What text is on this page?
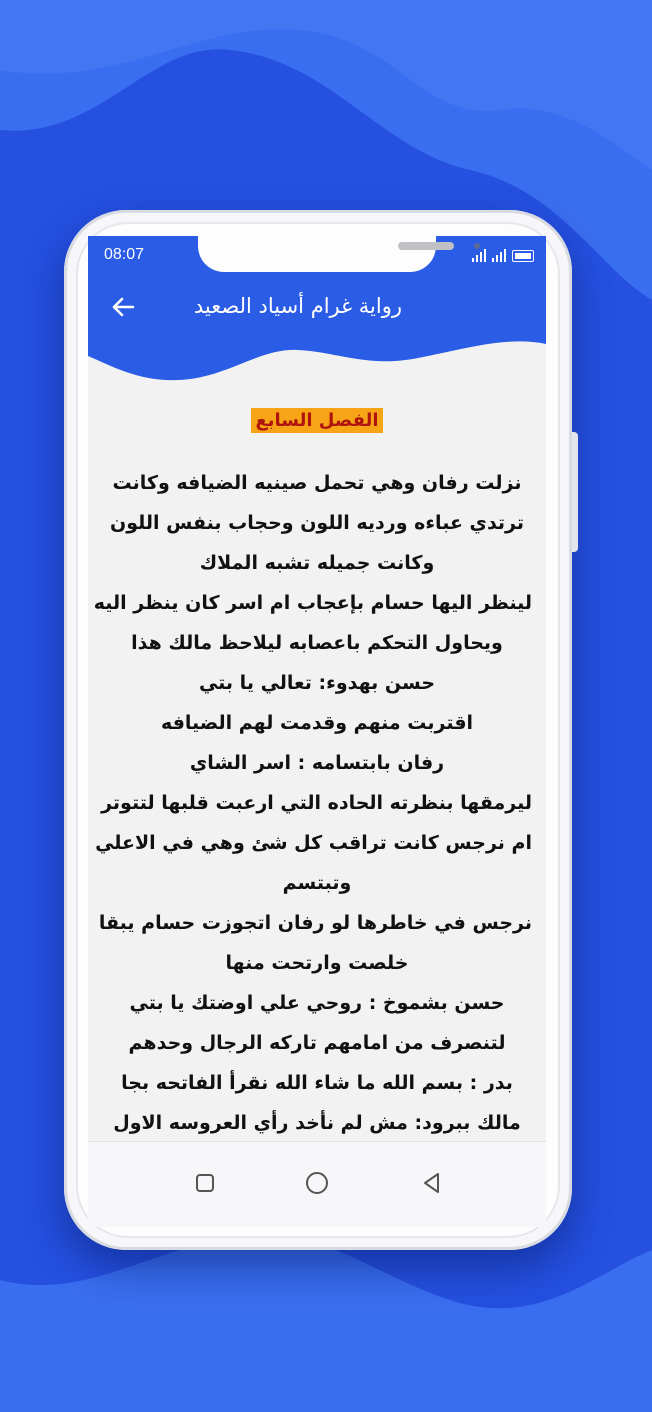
08:07
رواية غرام أسياد الصعيد
الفصل السابع
نزلت رفان وهي تحمل صينيه الضيافه وكانت
ترتدي عباءه ورديه اللون وحجاب بنفس اللون
وكانت جميله تشبه الملاك
لينظر اليها حسام بإعجاب ام اسر كان ينظر اليه
ويحاول التحكم باعصابه ليلاحظ مالك هذا
حسن بهدوء: تعالي يا بتي
اقتربت منهم وقدمت لهم الضيافه
رفان بابتسامه : اسر الشاي
ليرمقها بنظرته الحاده التي ارعبت قلبها لتتوتر
ام نرجس كانت تراقب كل شئ وهي في الاعلي
وتبتسم
نرجس في خاطرها لو رفان اتجوزت حسام يبقا
خلصت وارتحت منها
حسن بشموخ : روحي علي اوضتك يا بتي
لتنصرف من امامهم تاركه الرجال وحدهم
بدر : بسم الله ما شاء الله نقرأ الفاتحه بجا
مالك ببرود: مش لم نأخد رأي العروسه الاول
